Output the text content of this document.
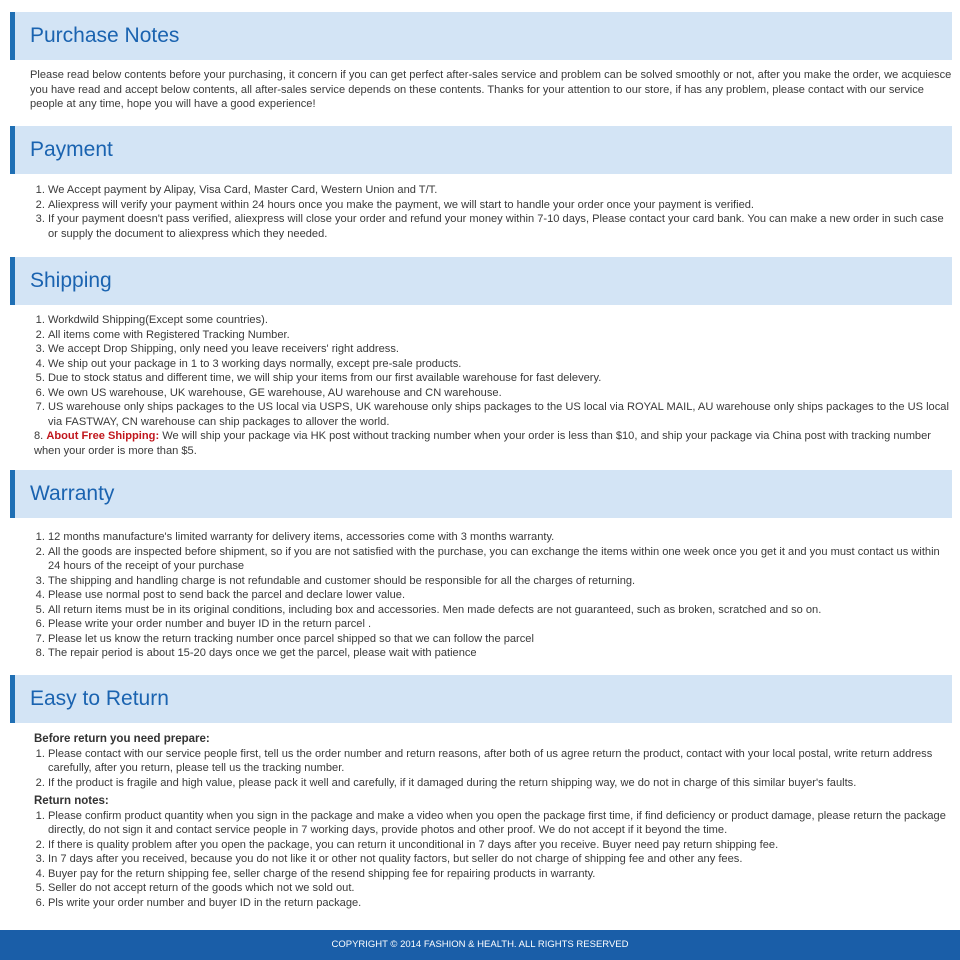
Purchase Notes

Please read below contents before your purchasing, it concern if you can get perfect after-sales service and problem can be solved smoothly or not, after you make the order, we acquiesce you have read and accept below contents, all after-sales service depends on these contents. Thanks for your attention to our store, if has any problem, please contact with our service people at any time, hope you will have a good experience!

Payment
1. We Accept payment by Alipay, Visa Card, Master Card, Western Union and T/T.
2. Aliexpress will verify your payment within 24 hours once you make the payment, we will start to handle your order once your payment is verified.
3. If your payment doesn't pass verified, aliexpress will close your order and refund your money within 7-10 days, Please contact your card bank. You can make a new order in such case or supply the document to aliexpress which they needed.
Shipping
1. Workdwild Shipping(Except some countries).
2. All items come with Registered Tracking Number.
3. We accept Drop Shipping, only need you leave receivers' right address.
4. We ship out your package in 1 to 3 working days normally, except pre-sale products.
5. Due to stock status and different time, we will ship your items from our first available warehouse for fast delevery.
6. We own US warehouse, UK warehouse, GE warehouse, AU warehouse and CN warehouse.
7. US warehouse only ships packages to the US local via USPS, UK warehouse only ships packages to the US local via ROYAL MAIL, AU warehouse only ships packages to the US local via FASTWAY, CN warehouse can ship packages to allover the world.

8. About Free Shipping: We will ship your package via HK post without tracking number when your order is less than $10, and ship your package via China post with tracking number when your order is more than $5.

Warranty
1. 12 months manufacture's limited warranty for delivery items, accessories come with 3 months warranty.
2. All the goods are inspected before shipment, so if you are not satisfied with the purchase, you can exchange the items within one week once you get it and you must contact us within 24 hours of the receipt of your purchase
3. The shipping and handling charge is not refundable and customer should be responsible for all the charges of returning.
4. Please use normal post to send back the parcel and declare lower value.
5. All return items must be in its original conditions, including box and accessories. Men made defects are not guaranteed, such as broken, scratched and so on.
6. Please write your order number and buyer ID in the return parcel .
7. Please let us know the return tracking number once parcel shipped so that we can follow the parcel
8. The repair period is about 15-20 days once we get the parcel, please wait with patience
Easy to Return

Before return you need prepare:

1. Please contact with our service people first, tell us the order number and return reasons, after both of us agree return the product, contact with your local postal, write return address carefully, after you return, please tell us the tracking number.
2. If the product is fragile and high value, please pack it well and carefully, if it damaged during the return shipping way, we do not in charge of this similar buyer's faults.

Return notes:

1. Please confirm product quantity when you sign in the package and make a video when you open the package first time, if find deficiency or product damage, please return the package directly, do not sign it and contact service people in 7 working days, provide photos and other proof. We do not accept if it beyond the time.
2. If there is quality problem after you open the package, you can return it unconditional in 7 days after you receive. Buyer need pay return shipping fee.
3. In 7 days after you received, because you do not like it or other not quality factors, but seller do not charge of shipping fee and other any fees.
4. Buyer pay for the return shipping fee, seller charge of the resend shipping fee for repairing products in warranty.
5. Seller do not accept return of the goods which not we sold out.
6. Pls write your order number and buyer ID in the return package.
COPYRIGHT © 2014 FASHION & HEALTH. ALL RIGHTS RESERVED
